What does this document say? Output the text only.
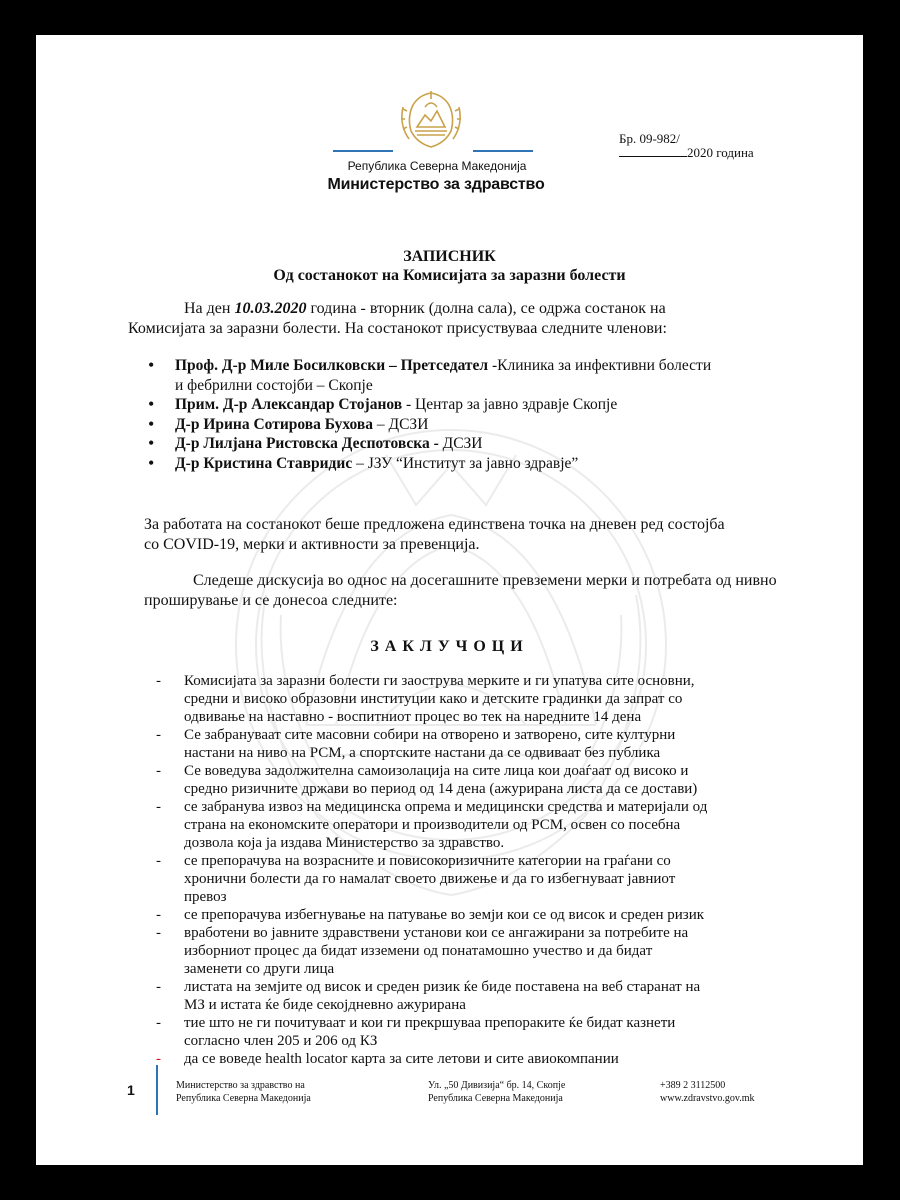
Република Северна Македонија
Министерство за здравство
Бр. 09-982/
2020 година
ЗАПИСНИК
Од состанокот на Комисијата за заразни болести
На ден 10.03.2020 година - вторник (долна сала), се одржа состанок на
Комисијата за заразни болести. На состанокот присуствуваа следните членови:
• Проф. Д-р Миле Босилковски – Претседател -Клиника за инфективни болести
и фебрилни состојби – Скопје
• Прим. Д-р Александар Стојанов - Центар за јавно здравје Скопје
• Д-р Ирина Сотирова Бухова – ДСЗИ
• Д-р Лилјана Ристовска Деспотовска - ДСЗИ
• Д-р Кристина Ставридис – ЈЗУ “Институт за јавно здравје”
За работата на состанокот беше предложена единствена точка на дневен ред состојба
со COVID-19, мерки и активности за превенција.
Следеше дискусија во однос на досегашните превземени мерки и потребата од нивно
проширување и се донесоа следните:
ЗАКЛУЧОЦИ
- Комисијата за заразни болести ги заострува мерките и ги упатува сите основни,
средни и високо образовни институции како и детските градинки да запрат со
одвивање на наставно - воспитниот процес во тек на наредните 14 дена
- Се забрануваат сите масовни собири на отворено и затворено, сите културни
настани на ниво на РСМ, а спортските настани да се одвиваат без публика
- Се воведува задолжителна самоизолација на сите лица кои доаѓаат од високо и
средно ризичните држави во период од 14 дена (ажурирана листа да се достави)
- се забранува извоз на медицинска опрема и медицински средства и материјали од
страна на економските оператори и производители од РСМ, освен со посебна
дозвола која ја издава Министерство за здравство.
- се препорачува на возрасните и повисокоризичните категории на граѓани со
хронични болести да го намалат своето движење и да го избегнуваат јавниот
превоз
- се препорачува избегнување на патување во земји кои се од висок и среден ризик
- вработени во јавните здравствени установи кои се ангажирани за потребите на
изборниот процес да бидат изземени од понатамошно учество и да бидат
заменети со други лица
- листата на земјите од висок и среден ризик ќе биде поставена на веб старанат на
МЗ и истата ќе биде секојдневно ажурирана
- тие што не ги почитуваат и кои ги прекршуваа препораките ќе бидат казнети
согласно член 205 и 206 од КЗ
- да се воведе health locator карта за сите летови и сите авиокомпании
1	Министерство за здравство на
Република Северна Македонија
Ул. „50 Дивизија“ бр. 14, Скопје
Република Северна Македонија
+389 2 3112500
www.zdravstvo.gov.mk
